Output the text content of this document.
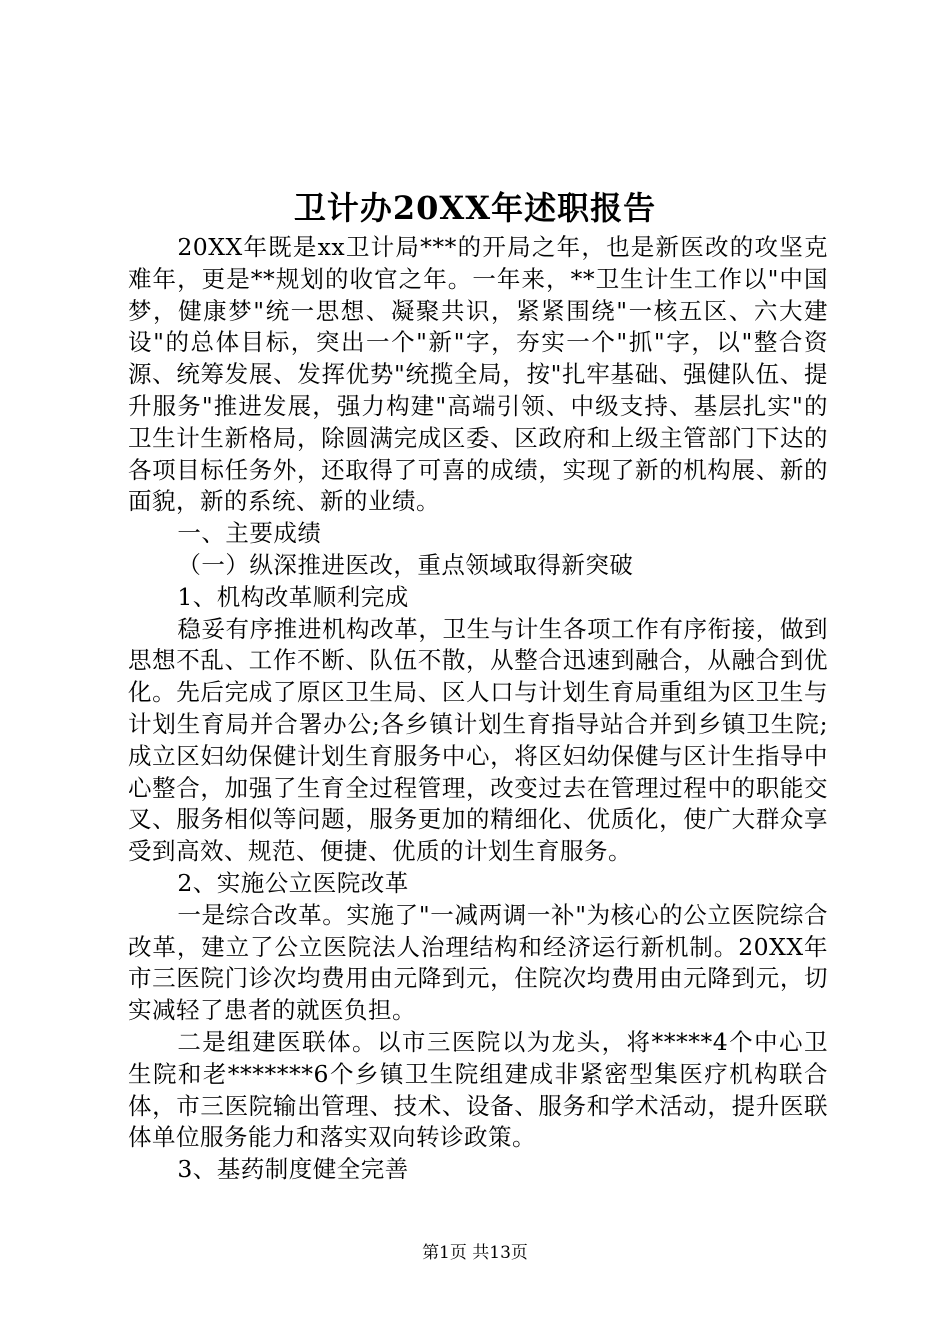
卫计办20XX年述职报告

20XX年既是xx卫计局***的开局之年，也是新医改的攻坚克难年，更是**规划的收官之年。一年来，**卫生计生工作以"中国梦，健康梦"统一思想、凝聚共识，紧紧围绕"一核五区、六大建设"的总体目标，突出一个"新"字，夯实一个"抓"字，以"整合资源、统筹发展、发挥优势"统揽全局，按"扎牢基础、强健队伍、提升服务"推进发展，强力构建"高端引领、中级支持、基层扎实"的卫生计生新格局，除圆满完成区委、区政府和上级主管部门下达的各项目标任务外，还取得了可喜的成绩，实现了新的机构展、新的面貌，新的系统、新的业绩。

一、主要成绩

（一）纵深推进医改，重点领域取得新突破

1、机构改革顺利完成

稳妥有序推进机构改革，卫生与计生各项工作有序衔接，做到思想不乱、工作不断、队伍不散，从整合迅速到融合，从融合到优化。先后完成了原区卫生局、区人口与计划生育局重组为区卫生与计划生育局并合署办公;各乡镇计划生育指导站合并到乡镇卫生院;成立区妇幼保健计划生育服务中心，将区妇幼保健与区计生指导中心整合，加强了生育全过程管理，改变过去在管理过程中的职能交叉、服务相似等问题，服务更加的精细化、优质化，使广大群众享受到高效、规范、便捷、优质的计划生育服务。

2、实施公立医院改革

一是综合改革。实施了"一减两调一补"为核心的公立医院综合改革，建立了公立医院法人治理结构和经济运行新机制。20XX年市三医院门诊次均费用由元降到元，住院次均费用由元降到元，切实减轻了患者的就医负担。

二是组建医联体。以市三医院以为龙头，将*****4个中心卫生院和老*******6个乡镇卫生院组建成非紧密型集医疗机构联合体，市三医院输出管理、技术、设备、服务和学术活动，提升医联体单位服务能力和落实双向转诊政策。

3、基药制度健全完善

第1页 共13页
